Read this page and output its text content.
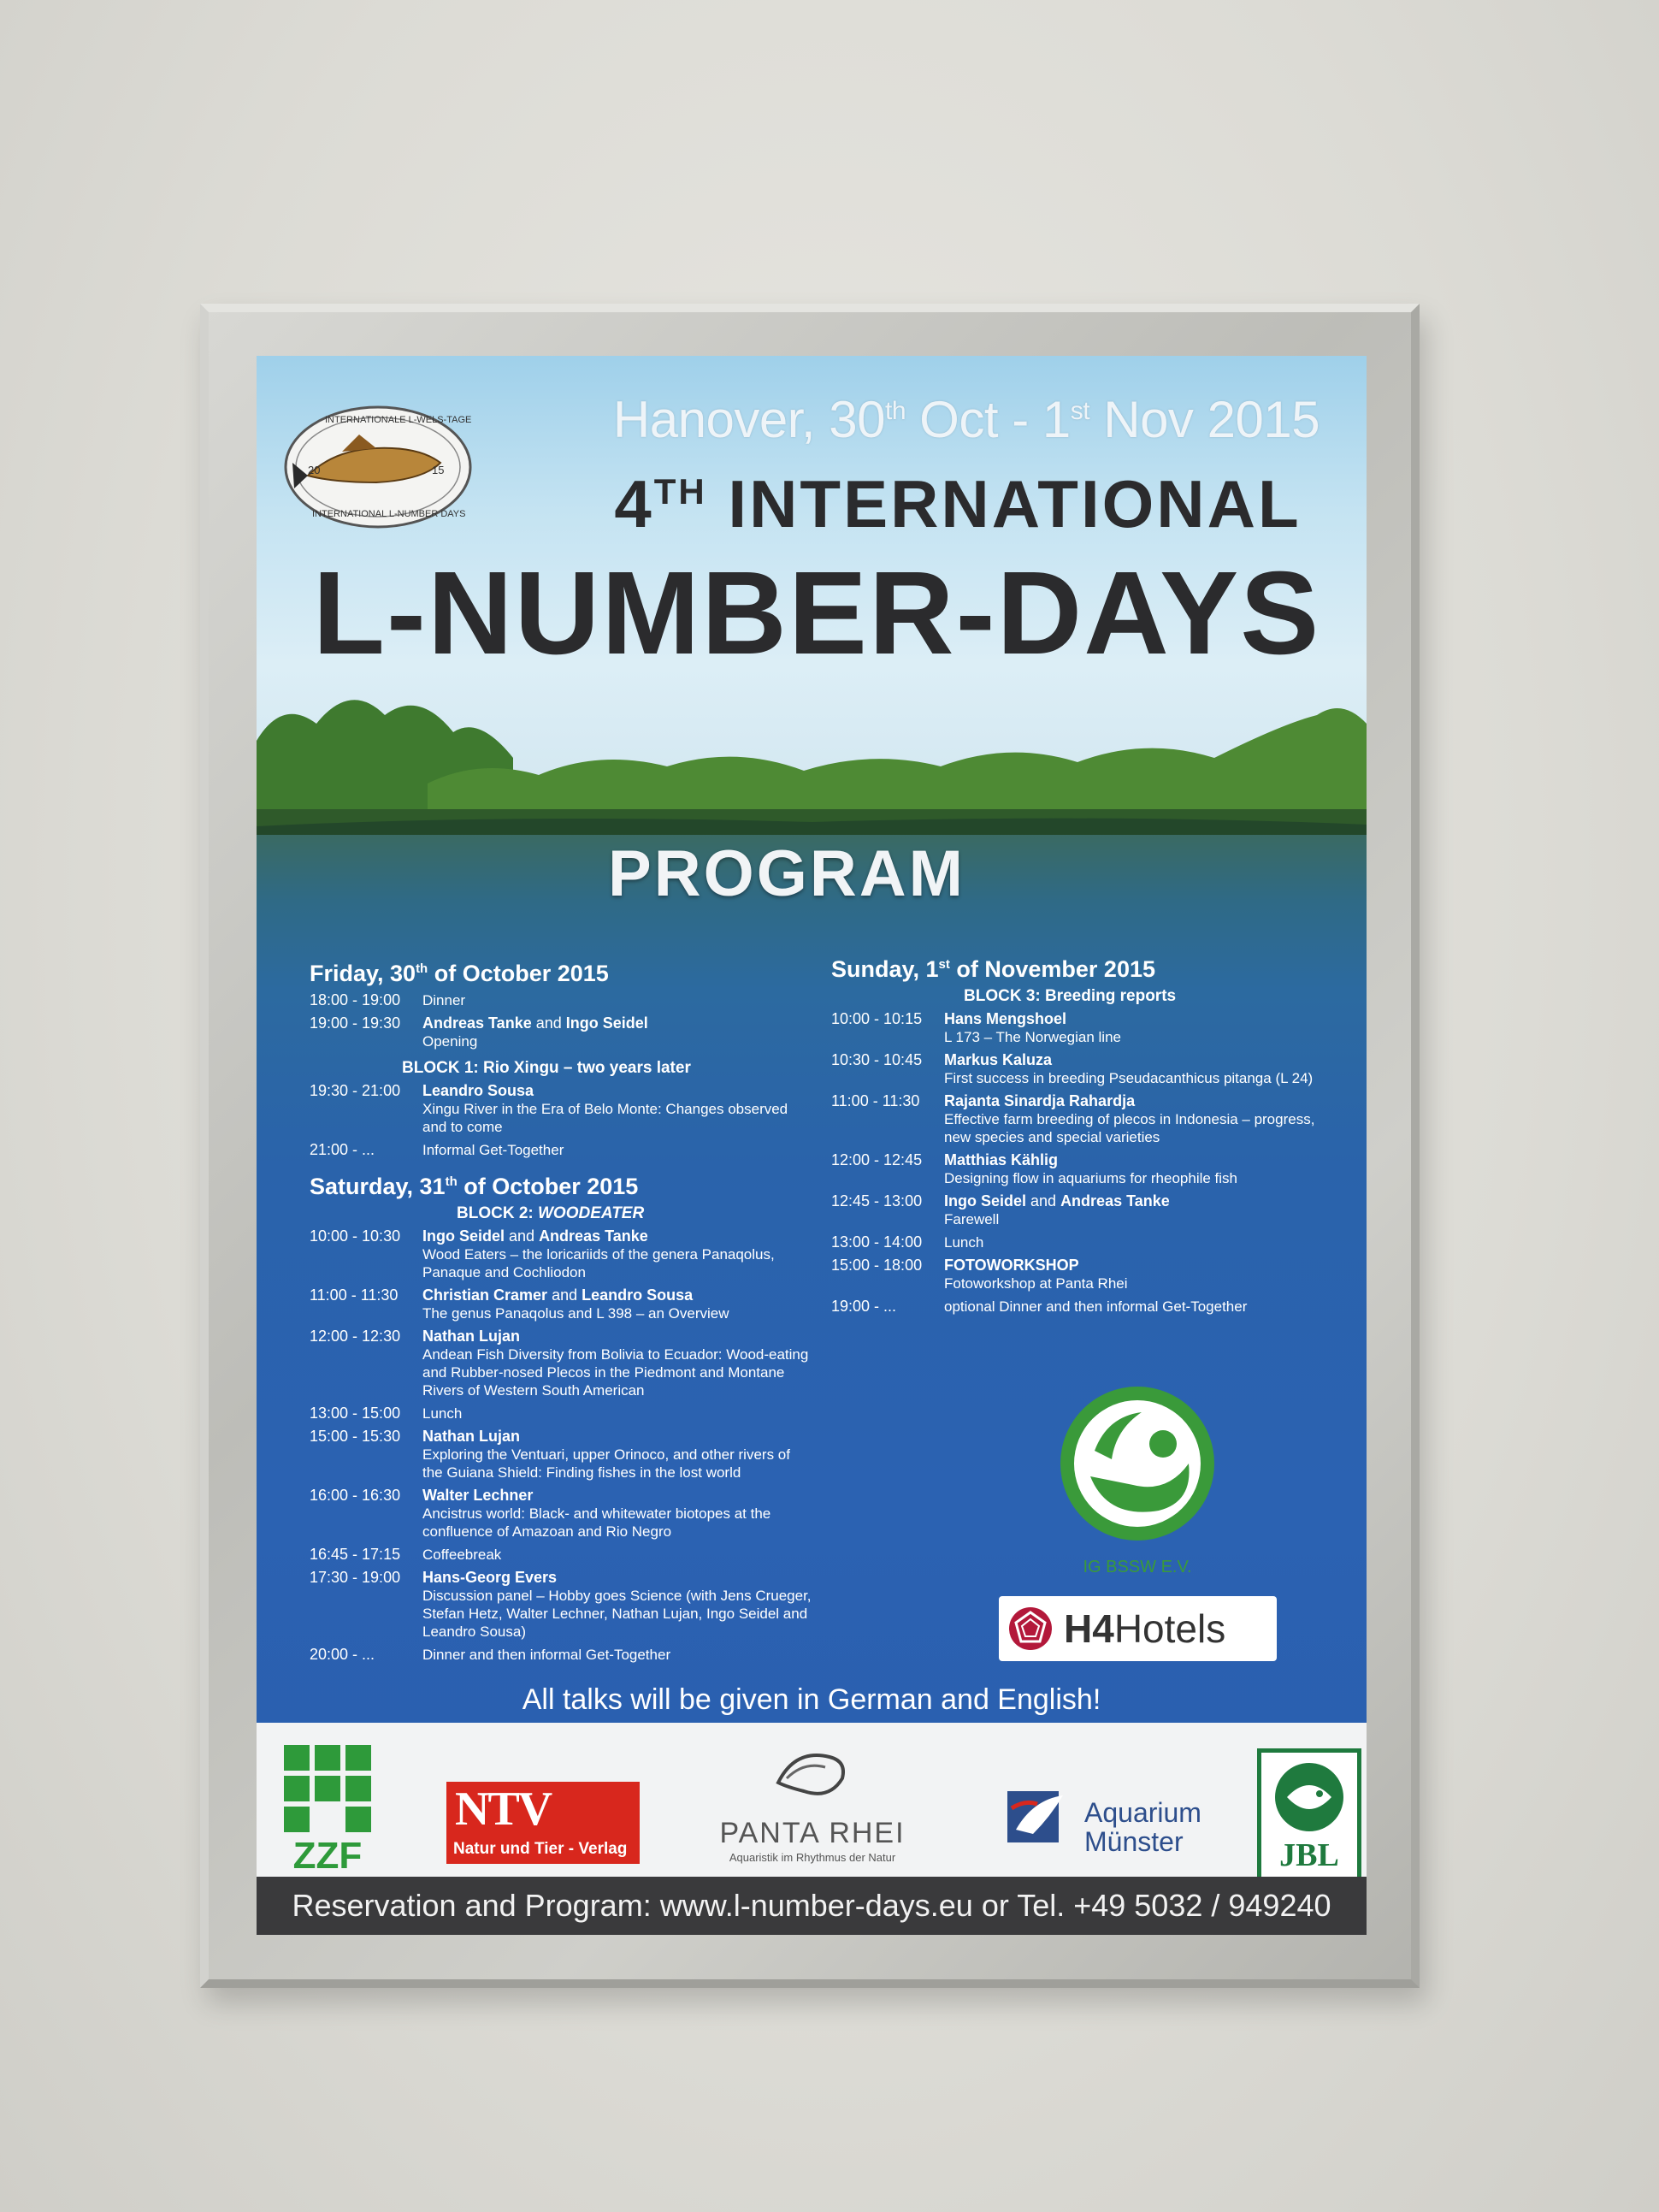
20	15
INTERNATIONALE L-WELS-TAGE
INTERNATIONAL L-NUMBER DAYS
Hanover, 30th Oct - 1st Nov 2015
4TH INTERNATIONAL
L-NUMBER-DAYS
PROGRAM
Friday, 30th of October 2015
18:00 - 19:00	Dinner
19:00 - 19:30	Andreas Tanke and Ingo Seidel
Opening
BLOCK 1: Rio Xingu – two years later
19:30 - 21:00	Leandro Sousa
Xingu River in the Era of Belo Monte: Changes observed and to come
21:00 - ...	Informal Get-Together
Saturday, 31th of October 2015
BLOCK 2: WOODEATER
10:00 - 10:30	Ingo Seidel and Andreas Tanke
Wood Eaters – the loricariids of the genera Panaqolus, Panaque and Cochliodon
11:00 - 11:30	Christian Cramer and Leandro Sousa
The genus Panaqolus and L 398 – an Overview
12:00 - 12:30	Nathan Lujan
Andean Fish Diversity from Bolivia to Ecuador: Wood-eating and Rubber-nosed Plecos in the Piedmont and Montane Rivers of Western South American
13:00 - 15:00	Lunch
15:00 - 15:30	Nathan Lujan
Exploring the Ventuari, upper Orinoco, and other rivers of the Guiana Shield: Finding fishes in the lost world
16:00 - 16:30	Walter Lechner
Ancistrus world: Black- and whitewater biotopes at the confluence of Amazoan and Rio Negro
16:45 - 17:15	Coffeebreak
17:30 - 19:00	Hans-Georg Evers
Discussion panel – Hobby goes Science (with Jens Crueger, Stefan Hetz, Walter Lechner, Nathan Lujan, Ingo Seidel and Leandro Sousa)
20:00 - ...	Dinner and then informal Get-Together
Sunday, 1st of November 2015
BLOCK 3: Breeding reports
10:00 - 10:15	Hans Mengshoel
L 173 – The Norwegian line
10:30 - 10:45	Markus Kaluza
First success in breeding Pseudacanthicus pitanga (L 24)
11:00 - 11:30	Rajanta Sinardja Rahardja
Effective farm breeding of plecos in Indonesia – progress, new species and special varieties
12:00 - 12:45	Matthias Kählig
Designing flow in aquariums for rheophile fish
12:45 - 13:00	Ingo Seidel and Andreas Tanke
Farewell
13:00 - 14:00	Lunch
15:00 - 18:00	FOTOWORKSHOP
Fotoworkshop at Panta Rhei
19:00 - ...	optional Dinner and then informal Get-Together
IG BSSW E.V.
H4Hotels
All talks will be given in German and English!
ZZF
NTV
Natur und Tier - Verlag	PANTA RHEI
Aquaristik im Rhythmus der Natur
Aquarium
Münster	JBL
Reservation and Program: www.l-number-days.eu or Tel. +49 5032 / 949240
